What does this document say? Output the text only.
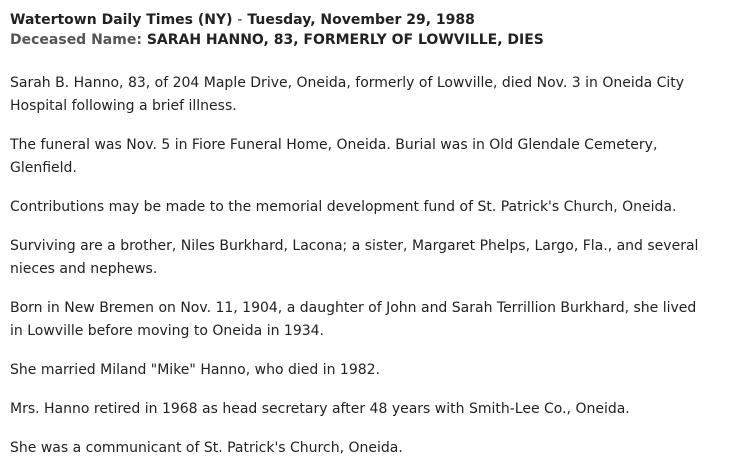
Watertown Daily Times (NY) - Tuesday, November 29, 1988
Deceased Name: SARAH HANNO, 83, FORMERLY OF LOWVILLE, DIES

Sarah B. Hanno, 83, of 204 Maple Drive, Oneida, formerly of Lowville, died Nov. 3 in Oneida City Hospital following a brief illness.

The funeral was Nov. 5 in Fiore Funeral Home, Oneida. Burial was in Old Glendale Cemetery, Glenfield.

Contributions may be made to the memorial development fund of St. Patrick's Church, Oneida.

Surviving are a brother, Niles Burkhard, Lacona; a sister, Margaret Phelps, Largo, Fla., and several nieces and nephews.

Born in New Bremen on Nov. 11, 1904, a daughter of John and Sarah Terrillion Burkhard, she lived in Lowville before moving to Oneida in 1934.

She married Miland "Mike" Hanno, who died in 1982.

Mrs. Hanno retired in 1968 as head secretary after 48 years with Smith-Lee Co., Oneida.

She was a communicant of St. Patrick's Church, Oneida.
